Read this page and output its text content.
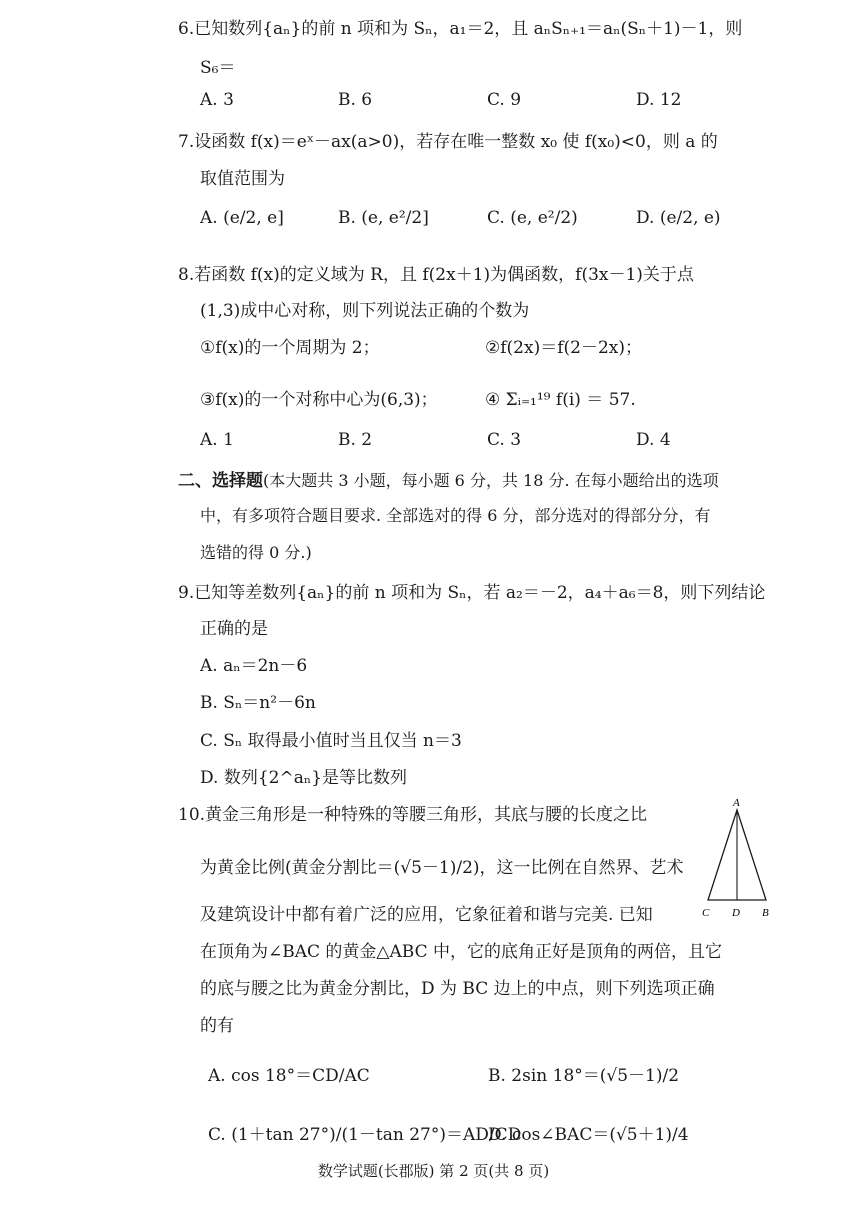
6.已知数列{aₙ}的前 n 项和为 Sₙ，a₁＝2，且 aₙSₙ₊₁＝aₙ(Sₙ＋1)－1，则
S₆＝
A. 3	B. 6	C. 9	D. 12
7.设函数 f(x)＝eˣ－ax(a>0)，若存在唯一整数 x₀ 使 f(x₀)<0，则 a 的
取值范围为
A. (e/2, e]	B. (e, e²/2]	C. (e, e²/2)	D. (e/2, e)
8.若函数 f(x)的定义域为 R，且 f(2x＋1)为偶函数，f(3x－1)关于点
(1,3)成中心对称，则下列说法正确的个数为
①f(x)的一个周期为 2；	②f(2x)＝f(2－2x)；
③f(x)的一个对称中心为(6,3)；	④ Σᵢ₌₁¹⁹ f(i) ＝ 57.
A. 1	B. 2	C. 3	D. 4
二、选择题(本大题共 3 小题，每小题 6 分，共 18 分. 在每小题给出的选项
中，有多项符合题目要求. 全部选对的得 6 分，部分选对的得部分分，有
选错的得 0 分.)
9.已知等差数列{aₙ}的前 n 项和为 Sₙ，若 a₂＝－2，a₄＋a₆＝8，则下列结论
正确的是
A. aₙ＝2n－6
B. Sₙ＝n²－6n
C. Sₙ 取得最小值时当且仅当 n＝3
D. 数列{2^aₙ}是等比数列
10.黄金三角形是一种特殊的等腰三角形，其底与腰的长度之比
为黄金比例(黄金分割比＝(√5－1)/2)，这一比例在自然界、艺术
及建筑设计中都有着广泛的应用，它象征着和谐与完美. 已知
在顶角为∠BAC 的黄金△ABC 中，它的底角正好是顶角的两倍，且它
的底与腰之比为黄金分割比，D 为 BC 边上的中点，则下列选项正确
的有
A
C D B
A. cos 18°＝CD/AC	B. 2sin 18°＝(√5－1)/2
C. (1＋tan 27°)/(1－tan 27°)＝AD/CD
D. cos∠BAC＝(√5＋1)/4
数学试题(长郡版) 第 2 页(共 8 页)
